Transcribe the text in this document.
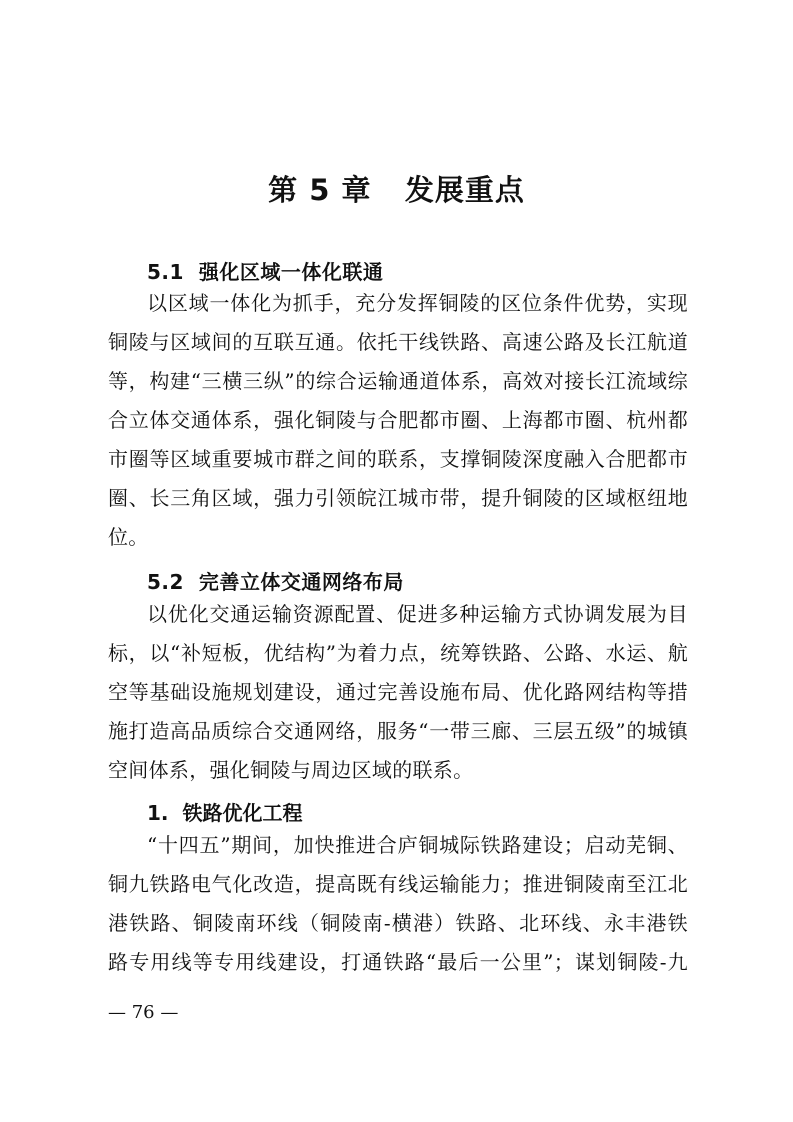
第 5 章   发展重点
5.1  强化区域一体化联通
以区域一体化为抓手，充分发挥铜陵的区位条件优势，实现
铜陵与区域间的互联互通。依托干线铁路、高速公路及长江航道
等，构建“三横三纵”的综合运输通道体系，高效对接长江流域综
合立体交通体系，强化铜陵与合肥都市圈、上海都市圈、杭州都
市圈等区域重要城市群之间的联系，支撑铜陵深度融入合肥都市
圈、长三角区域，强力引领皖江城市带，提升铜陵的区域枢纽地
位。
5.2  完善立体交通网络布局
以优化交通运输资源配置、促进多种运输方式协调发展为目
标，以“补短板，优结构”为着力点，统筹铁路、公路、水运、航
空等基础设施规划建设，通过完善设施布局、优化路网结构等措
施打造高品质综合交通网络，服务“一带三廊、三层五级”的城镇
空间体系，强化铜陵与周边区域的联系。
1.  铁路优化工程
“十四五”期间，加快推进合庐铜城际铁路建设；启动芜铜、
铜九铁路电气化改造，提高既有线运输能力；推进铜陵南至江北
港铁路、铜陵南环线（铜陵南-横港）铁路、北环线、永丰港铁
路专用线等专用线建设，打通铁路“最后一公里”；谋划铜陵-九
— 76 —
